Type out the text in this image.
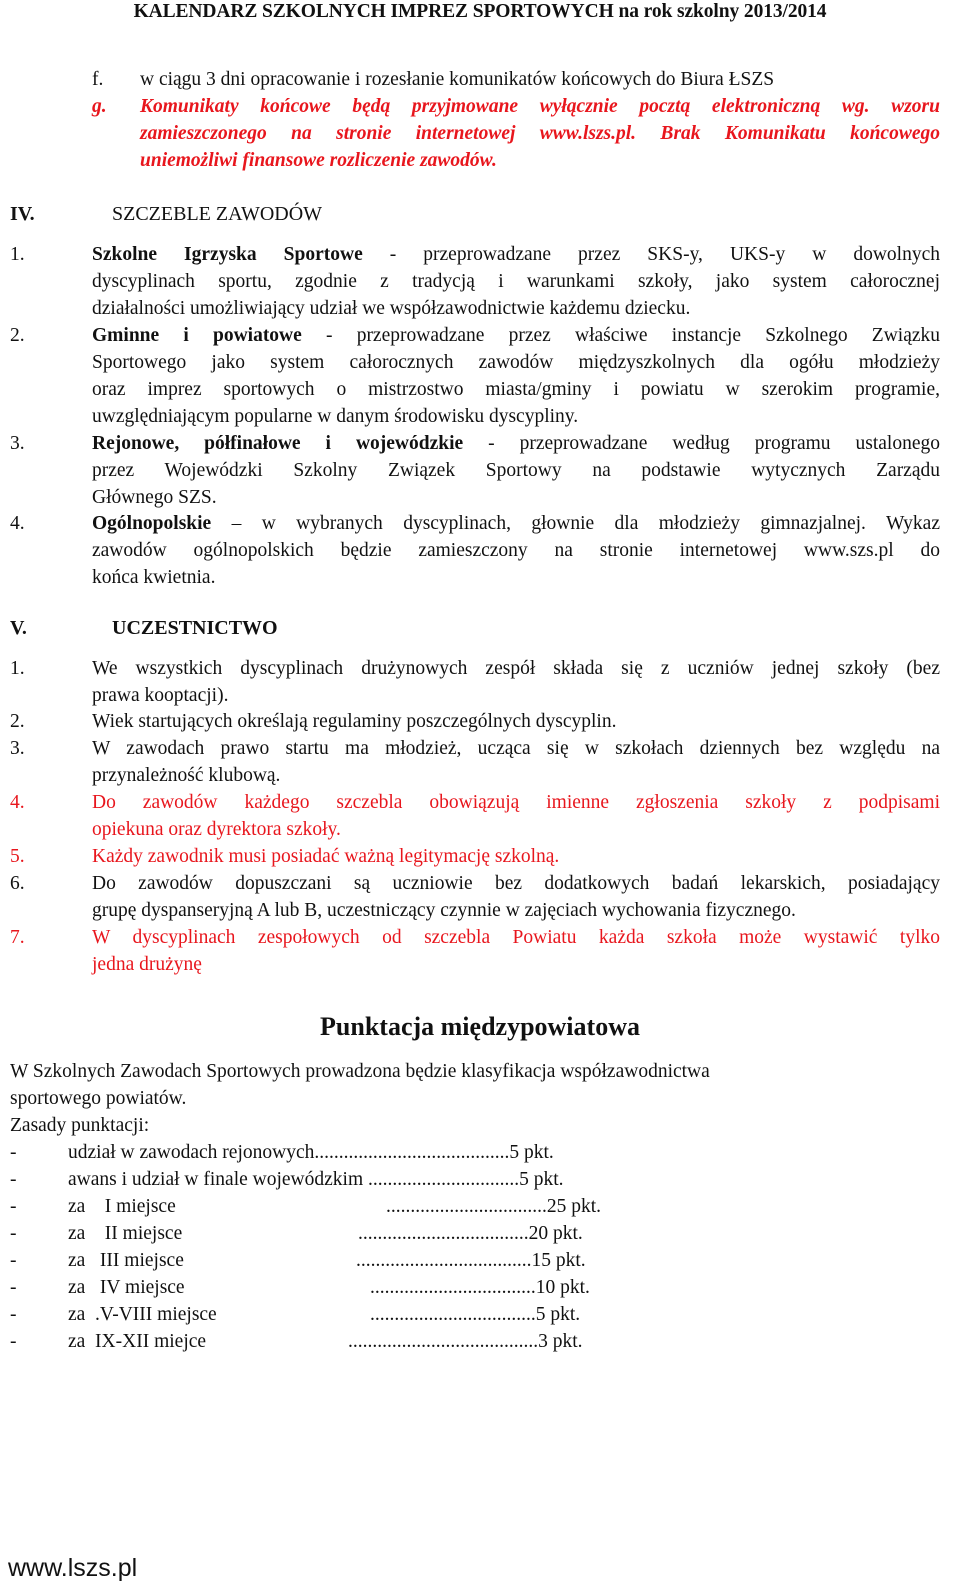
KALENDARZ SZKOLNYCH IMPREZ SPORTOWYCH na rok szkolny 2013/2014
f. w ciągu 3 dni opracowanie i rozesłanie komunikatów końcowych do Biura ŁSZS
g. Komunikaty końcowe będą przyjmowane wyłącznie pocztą elektroniczną wg. wzoru
zamieszczonego na stronie internetowej www.lszs.pl. Brak Komunikatu końcowego
uniemożliwi finansowe rozliczenie zawodów.
IV.	SZCZEBLE ZAWODÓW
1.	Szkolne Igrzyska Sportowe - przeprowadzane przez SKS-y, UKS-y w dowolnych
dyscyplinach sportu, zgodnie z tradycją i warunkami szkoły, jako system całorocznej
działalności umożliwiający udział we współzawodnictwie każdemu dziecku.
2.	Gminne i powiatowe - przeprowadzane przez właściwe instancje Szkolnego Związku
Sportowego jako system całorocznych zawodów międzyszkolnych dla ogółu młodzieży
oraz imprez sportowych o mistrzostwo miasta/gminy i powiatu w szerokim programie,
uwzględniającym popularne w danym środowisku dyscypliny.
3.	Rejonowe, półfinałowe i wojewódzkie - przeprowadzane według programu ustalonego
przez Wojewódzki Szkolny Związek Sportowy na podstawie wytycznych Zarządu
Głównego SZS.
4.	Ogólnopolskie – w wybranych dyscyplinach, głownie dla młodzieży gimnazjalnej. Wykaz
zawodów ogólnopolskich będzie zamieszczony na stronie internetowej www.szs.pl do
końca kwietnia.
V.	UCZESTNICTWO
1.	We wszystkich dyscyplinach drużynowych zespół składa się z uczniów jednej szkoły (bez
prawa kooptacji).
2.	Wiek startujących określają regulaminy poszczególnych dyscyplin.
3.	W zawodach prawo startu ma młodzież, ucząca się w szkołach dziennych bez względu na
przynależność klubową.
4.	Do zawodów każdego szczebla obowiązują imienne zgłoszenia szkoły z podpisami
opiekuna oraz dyrektora szkoły.
5.	Każdy zawodnik musi posiadać ważną legitymację szkolną.
6.	Do zawodów dopuszczani są uczniowie bez dodatkowych badań lekarskich, posiadający
grupę dyspanseryjną A lub B, uczestniczący czynnie w zajęciach wychowania fizycznego.
7.	W dyscyplinach zespołowych od szczebla Powiatu każda szkoła może wystawić tylko
jedna drużynę
Punktacja międzypowiatowa
W Szkolnych Zawodach Sportowych prowadzona będzie klasyfikacja współzawodnictwa
sportowego powiatów.
Zasady punktacji:
-	udział w zawodach rejonowych........................................5 pkt.
-	awans i udział w finale wojewódzkim ...............................5 pkt.
-	za    I miejsce	.................................25 pkt.
-	za    II miejsce	...................................20 pkt.
-	za   III miejsce	....................................15 pkt.
-	za   IV miejsce	..................................10 pkt.
-	za  .V-VIII miejsce	..................................5 pkt.
-	za  IX-XII miejce	.......................................3 pkt.
www.lszs.pl
